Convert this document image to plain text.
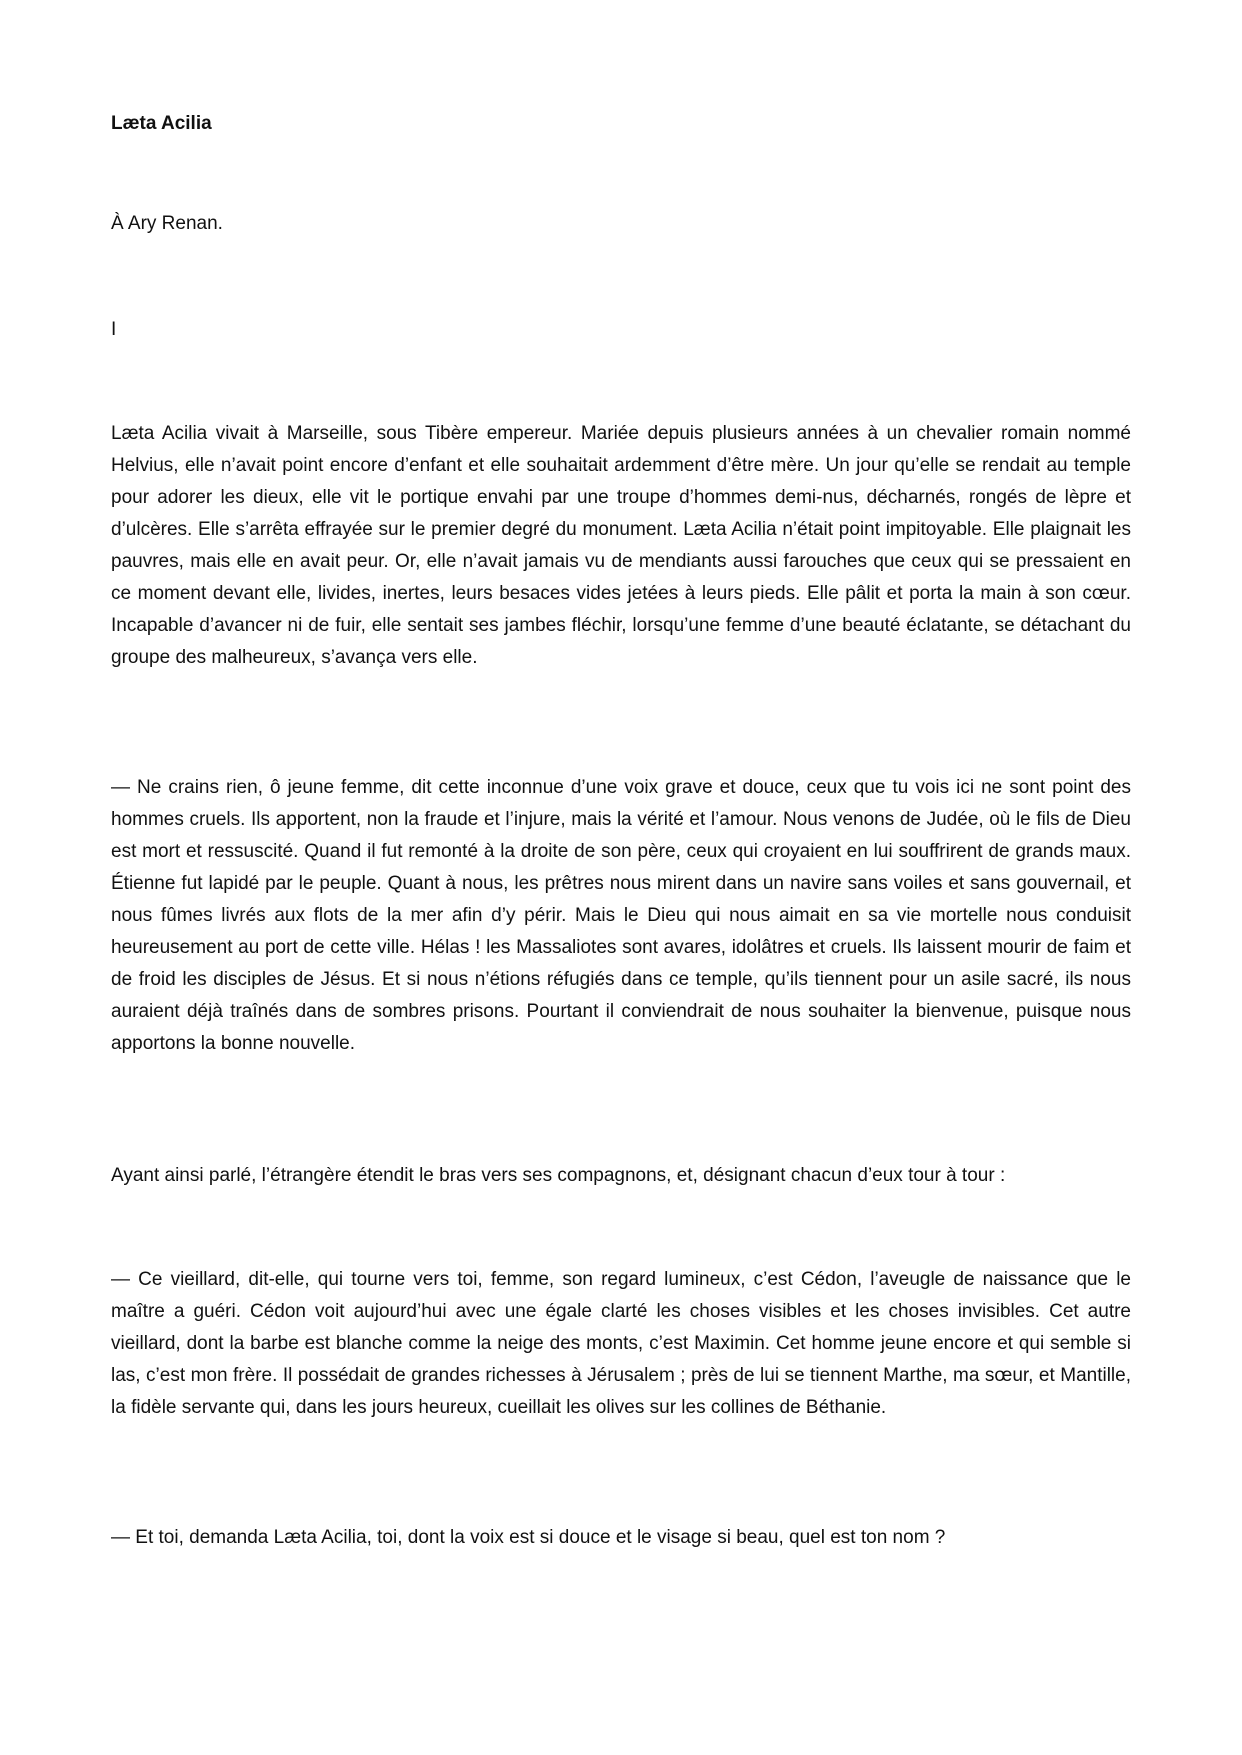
Læta Acilia

À Ary Renan.

I

Læta Acilia vivait à Marseille, sous Tibère empereur. Mariée depuis plusieurs années à un chevalier romain nommé Helvius, elle n’avait point encore d’enfant et elle souhaitait ardemment d’être mère. Un jour qu’elle se rendait au temple pour adorer les dieux, elle vit le portique envahi par une troupe d’hommes demi-nus, décharnés, rongés de lèpre et d’ulcères. Elle s’arrêta effrayée sur le premier degré du monument. Læta Acilia n’était point impitoyable. Elle plaignait les pauvres, mais elle en avait peur. Or, elle n’avait jamais vu de mendiants aussi farouches que ceux qui se pressaient en ce moment devant elle, livides, inertes, leurs besaces vides jetées à leurs pieds. Elle pâlit et porta la main à son cœur. Incapable d’avancer ni de fuir, elle sentait ses jambes fléchir, lorsqu’une femme d’une beauté éclatante, se détachant du groupe des malheureux, s’avança vers elle.

— Ne crains rien, ô jeune femme, dit cette inconnue d’une voix grave et douce, ceux que tu vois ici ne sont point des hommes cruels. Ils apportent, non la fraude et l’injure, mais la vérité et l’amour. Nous venons de Judée, où le fils de Dieu est mort et ressuscité. Quand il fut remonté à la droite de son père, ceux qui croyaient en lui souffrirent de grands maux. Étienne fut lapidé par le peuple. Quant à nous, les prêtres nous mirent dans un navire sans voiles et sans gouvernail, et nous fûmes livrés aux flots de la mer afin d’y périr. Mais le Dieu qui nous aimait en sa vie mortelle nous conduisit heureusement au port de cette ville. Hélas ! les Massaliotes sont avares, idolâtres et cruels. Ils laissent mourir de faim et de froid les disciples de Jésus. Et si nous n’étions réfugiés dans ce temple, qu’ils tiennent pour un asile sacré, ils nous auraient déjà traînés dans de sombres prisons. Pourtant il conviendrait de nous souhaiter la bienvenue, puisque nous apportons la bonne nouvelle.

Ayant ainsi parlé, l’étrangère étendit le bras vers ses compagnons, et, désignant chacun d’eux tour à tour :

— Ce vieillard, dit-elle, qui tourne vers toi, femme, son regard lumineux, c’est Cédon, l’aveugle de naissance que le maître a guéri. Cédon voit aujourd’hui avec une égale clarté les choses visibles et les choses invisibles. Cet autre vieillard, dont la barbe est blanche comme la neige des monts, c’est Maximin. Cet homme jeune encore et qui semble si las, c’est mon frère. Il possédait de grandes richesses à Jérusalem ; près de lui se tiennent Marthe, ma sœur, et Mantille, la fidèle servante qui, dans les jours heureux, cueillait les olives sur les collines de Béthanie.

— Et toi, demanda Læta Acilia, toi, dont la voix est si douce et le visage si beau, quel est ton nom ?
